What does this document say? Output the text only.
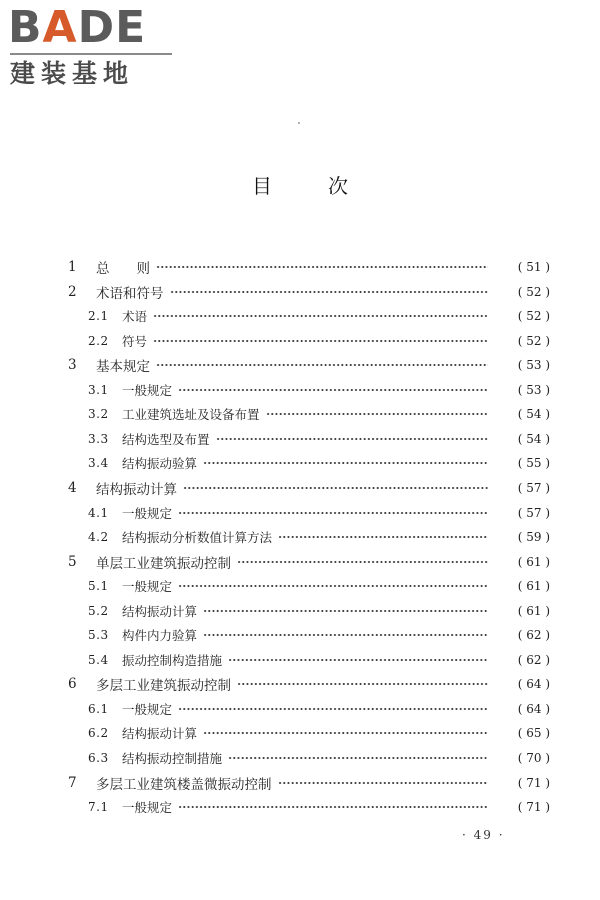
BADE
建装基地
目次
1	总　　则	( 51 )
2	术语和符号	( 52 )
2.1	术语	( 52 )
2.2	符号	( 52 )
3	基本规定	( 53 )
3.1	一般规定	( 53 )
3.2	工业建筑选址及设备布置	( 54 )
3.3	结构选型及布置	( 54 )
3.4	结构振动验算	( 55 )
4	结构振动计算	( 57 )
4.1	一般规定	( 57 )
4.2	结构振动分析数值计算方法	( 59 )
5	单层工业建筑振动控制	( 61 )
5.1	一般规定	( 61 )
5.2	结构振动计算	( 61 )
5.3	构件内力验算	( 62 )
5.4	振动控制构造措施	( 62 )
6	多层工业建筑振动控制	( 64 )
6.1	一般规定	( 64 )
6.2	结构振动计算	( 65 )
6.3	结构振动控制措施	( 70 )
7	多层工业建筑楼盖微振动控制	( 71 )
7.1	一般规定	( 71 )
· 49 ·
